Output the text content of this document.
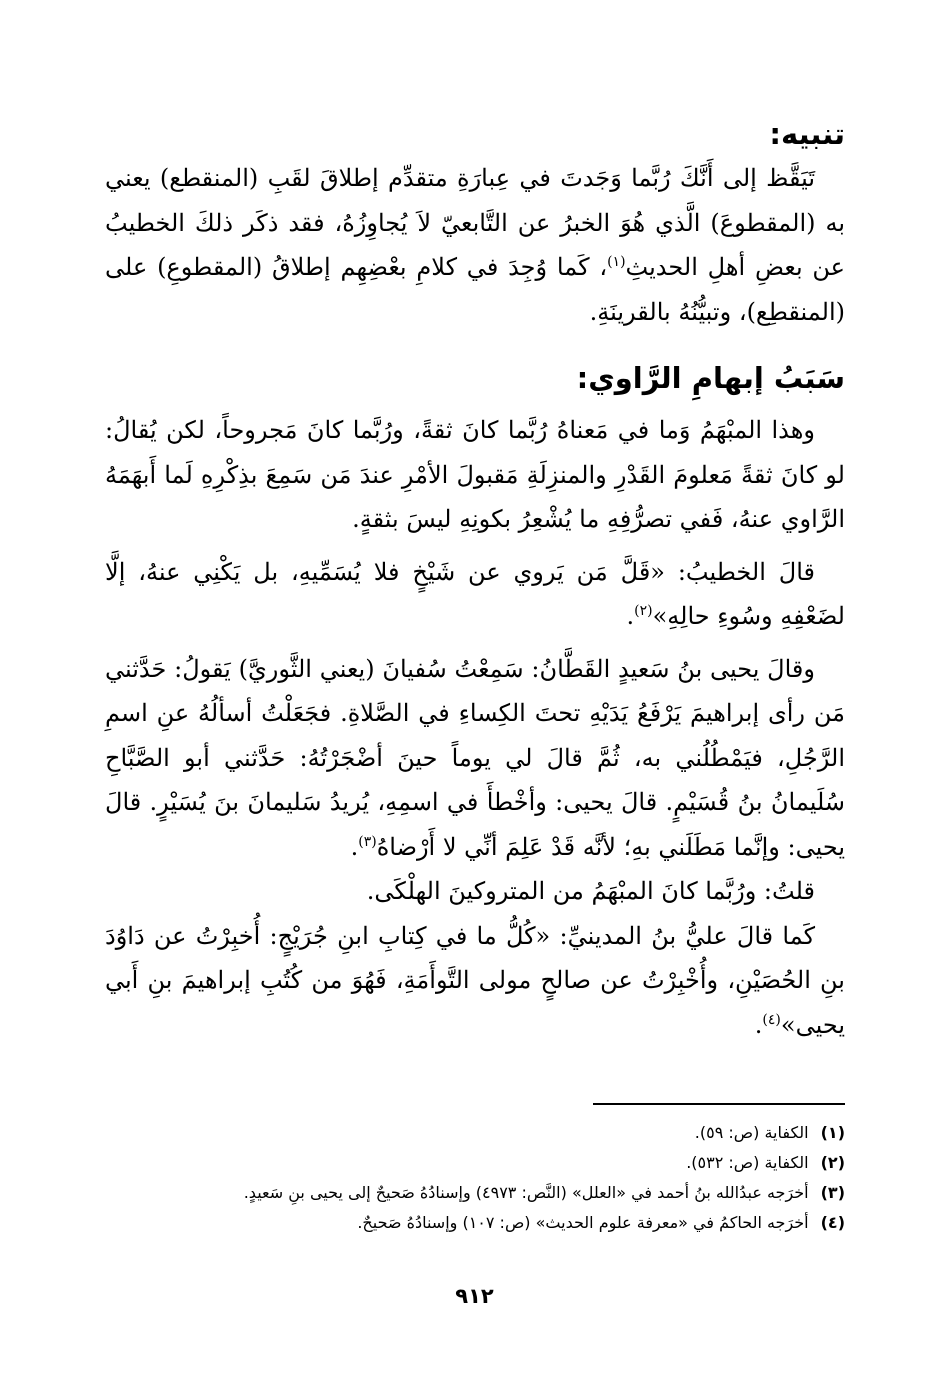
تنبيه:

تَيَقَّظ إلى أَنَّكَ رُبَّما وَجَدتَ في عِبارَةِ متقدِّم إطلاقَ لقَبِ (المنقطع) يعني به (المقطوعَ) الَّذي هُوَ الخبرُ عن التَّابعيّ لاَ يُجاوِزُهُ، فقد ذكَر ذلكَ الخطيبُ عن بعضِ أهلِ الحديثِ$^{(١)}$، كَما وُجِدَ في كلامِ بعْضِهِم إطلاقُ (المقطوعِ) على (المنقطِع)، وتبيُّنُهُ بالقرينَةِ.

سَبَبُ إبهامِ الرَّاوي:

وهذا المبْهَمُ وَما في مَعناهُ رُبَّما كانَ ثقةً، ورُبَّما كانَ مَجروحاً، لكن يُقالُ: لو كانَ ثقةً مَعلومَ القَدْرِ والمنزِلَةِ مَقبولَ الأمْرِ عندَ مَن سَمِعَ بذِكْرِهِ لَما أَبهَمَهُ الرَّاوي عنهُ، فَفي تصرُّفِهِ ما يُشْعِرُ بكونِهِ ليسَ بثقةٍ.

قالَ الخطيبُ: «قَلَّ مَن يَروي عن شَيْخٍ فلا يُسَمِّيهِ، بل يَكْنِي عنهُ، إلَّا لضَعْفِهِ وسُوءِ حالِهِ»$^{(٢)}$.

وقالَ يحيى بنُ سَعيدٍ القَطَّانُ: سَمِعْتُ سُفيانَ (يعني الثَّوريَّ) يَقولُ: حَدَّثني مَن رأى إبراهيمَ يَرْفَعُ يَدَيْهِ تحتَ الكِساءِ في الصَّلاةِ. فجَعَلْتُ أسألُهُ عنِ اسمِ الرَّجُلِ، فيَمْطُلُني به، ثُمَّ قالَ لي يوماً حينَ أضْجَرْتُهُ: حَدَّثني أبو الصَّبَّاحِ سُلَيمانُ بنُ قُسَيْمٍ. قالَ يحيى: وأخْطأَ في اسمِهِ، يُريدُ سَليمانَ بنَ يُسَيْرٍ. قالَ يحيى: وإنَّما مَطَلَني بهِ؛ لأنَّه قَدْ عَلِمَ أنِّي لا أَرْضاهُ$^{(٣)}$.

قلتُ: ورُبَّما كانَ المبْهَمُ من المتروكينَ الهلْكَى.

كَما قالَ عليُّ بنُ المدينيِّ: «كُلُّ ما في كِتابِ ابنِ جُرَيْجٍ: أُخبِرْتُ عن دَاوُدَ بنِ الحُصَيْنِ، وأُخْبِرْتُ عن صالحٍ مولى التَّوأَمَةِ، فَهُوَ من كُتُبِ إبراهيمَ بنِ أَبي يحيى»$^{(٤)}$.

(١)الكفاية (ص: ٥٩).
(٢)الكفاية (ص: ٥٣٢).
(٣)أخرَجه عبدُالله بنُ أحمد في «العلل» (النَّص: ٤٩٧٣) وإسنادُهُ صَحيحٌ إلى يحيى بنِ سَعيدٍ.
(٤)أخرَجه الحاكمُ في «معرفة علوم الحديث» (ص: ١٠٧) وإسنادُهُ صَحيحٌ.
٩١٢
